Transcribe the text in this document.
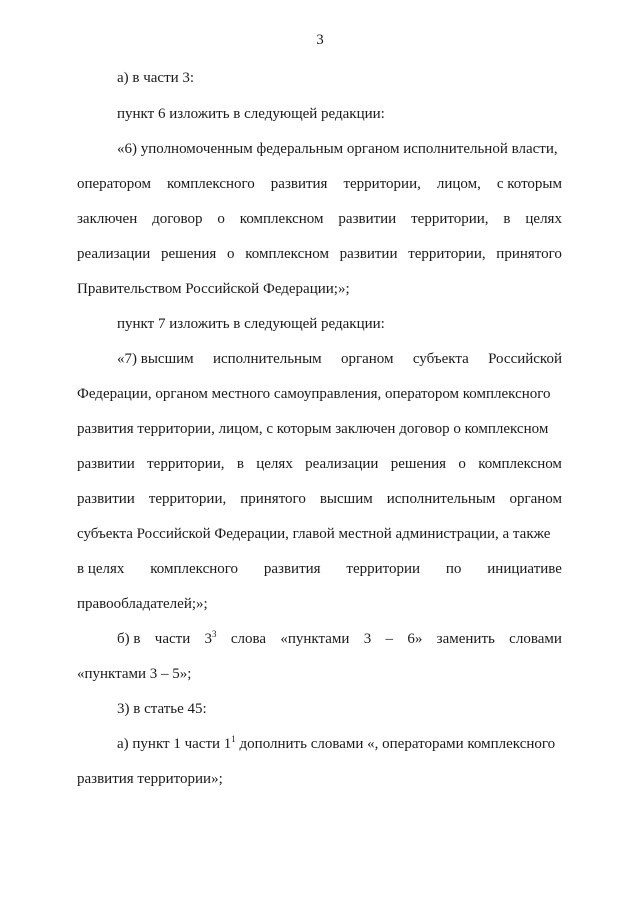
3
а) в части 3:
пункт 6 изложить в следующей редакции:
«6) уполномоченным федеральным органом исполнительной власти,
оператором комплексного развития территории, лицом, с которым
заключен договор о комплексном развитии территории, в целях
реализации решения о комплексном развитии территории, принятого
Правительством Российской Федерации;»;
пункт 7 изложить в следующей редакции:
«7) высшим исполнительным органом субъекта Российской
Федерации, органом местного самоуправления, оператором комплексного
развития территории, лицом, с которым заключен договор о комплексном
развитии территории, в целях реализации решения о комплексном
развитии территории, принятого высшим исполнительным органом
субъекта Российской Федерации, главой местной администрации, а также
в целях комплексного развития территории по инициативе
правообладателей;»;
б) в части $3^3$ слова «пунктами 3 – 6» заменить словами
«пунктами 3 – 5»;
3) в статье 45:
а) пункт 1 части $1^1$ дополнить словами «, операторами комплексного
развития территории»;
